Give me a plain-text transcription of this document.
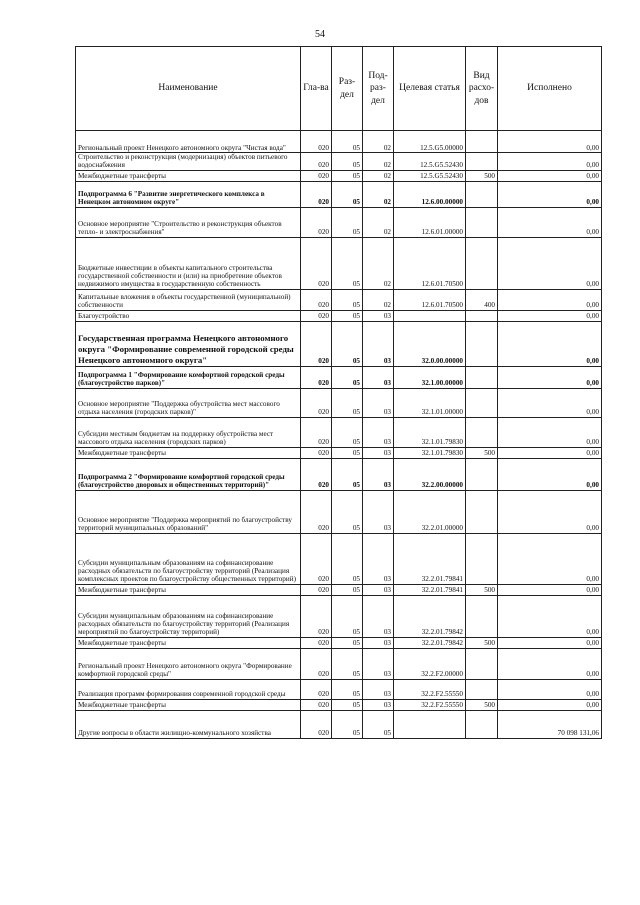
54
Наименование	Гла-ва	Раз-дел	Под-раз-дел	Целевая статья	Вид расхо-дов	Исполнено
Региональный проект Ненецкого автономного округа "Чистая вода"	020	05	02	12.5.G5.00000		0,00
Строительство и реконструкция (модернизация) объектов питьевого водоснабжения	020	05	02	12.5.G5.52430		0,00
Межбюджетные трансферты	020	05	02	12.5.G5.52430	500	0,00
Подпрограмма 6 "Развитие энергетического комплекса в Ненецком автономном округе"	020	05	02	12.6.00.00000		0,00
Основное мероприятие "Строительство и реконструкция объектов тепло- и электроснабжения"	020	05	02	12.6.01.00000		0,00
Бюджетные инвестиции в объекты капитального строительства государственной собственности и (или) на приобретение объектов недвижимого имущества в государственную собственность	020	05	02	12.6.01.70500		0,00
Капитальные вложения в объекты государственной (муниципальной) собственности	020	05	02	12.6.01.70500	400	0,00
Благоустройство	020	05	03			0,00
Государственная программа Ненецкого автономного округа "Формирование современной городской среды Ненецкого автономного округа"	020	05	03	32.0.00.00000		0,00
Подпрограмма 1 "Формирование комфортной городской среды (благоустройство парков)"	020	05	03	32.1.00.00000		0,00
Основное мероприятие "Поддержка обустройства мест массового отдыха населения (городских парков)"	020	05	03	32.1.01.00000		0,00
Субсидии местным бюджетам на поддержку обустройства мест массового отдыха населения (городских парков)	020	05	03	32.1.01.79830		0,00
Межбюджетные трансферты	020	05	03	32.1.01.79830	500	0,00
Подпрограмма 2 "Формирование комфортной городской среды (благоустройство дворовых и общественных территорий)"	020	05	03	32.2.00.00000		0,00
Основное мероприятие "Поддержка мероприятий по благоустройству территорий муниципальных образований"	020	05	03	32.2.01.00000		0,00
Субсидии муниципальным образованиям на софинансирование расходных обязательств по благоустройству территорий (Реализация комплексных проектов по благоустройству общественных территорий)	020	05	03	32.2.01.79841		0,00
Межбюджетные трансферты	020	05	03	32.2.01.79841	500	0,00
Субсидии муниципальным образованиям на софинансирование расходных обязательств по благоустройству территорий (Реализация мероприятий по благоустройству территорий)	020	05	03	32.2.01.79842		0,00
Межбюджетные трансферты	020	05	03	32.2.01.79842	500	0,00
Региональный проект Ненецкого автономного округа "Формирование комфортной городской среды"	020	05	03	32.2.F2.00000		0,00
Реализация программ формирования современной городской среды	020	05	03	32.2.F2.55550		0,00
Межбюджетные трансферты	020	05	03	32.2.F2.55550	500	0,00
Другие вопросы в области жилищно-коммунального хозяйства	020	05	05			70 098 131,06
